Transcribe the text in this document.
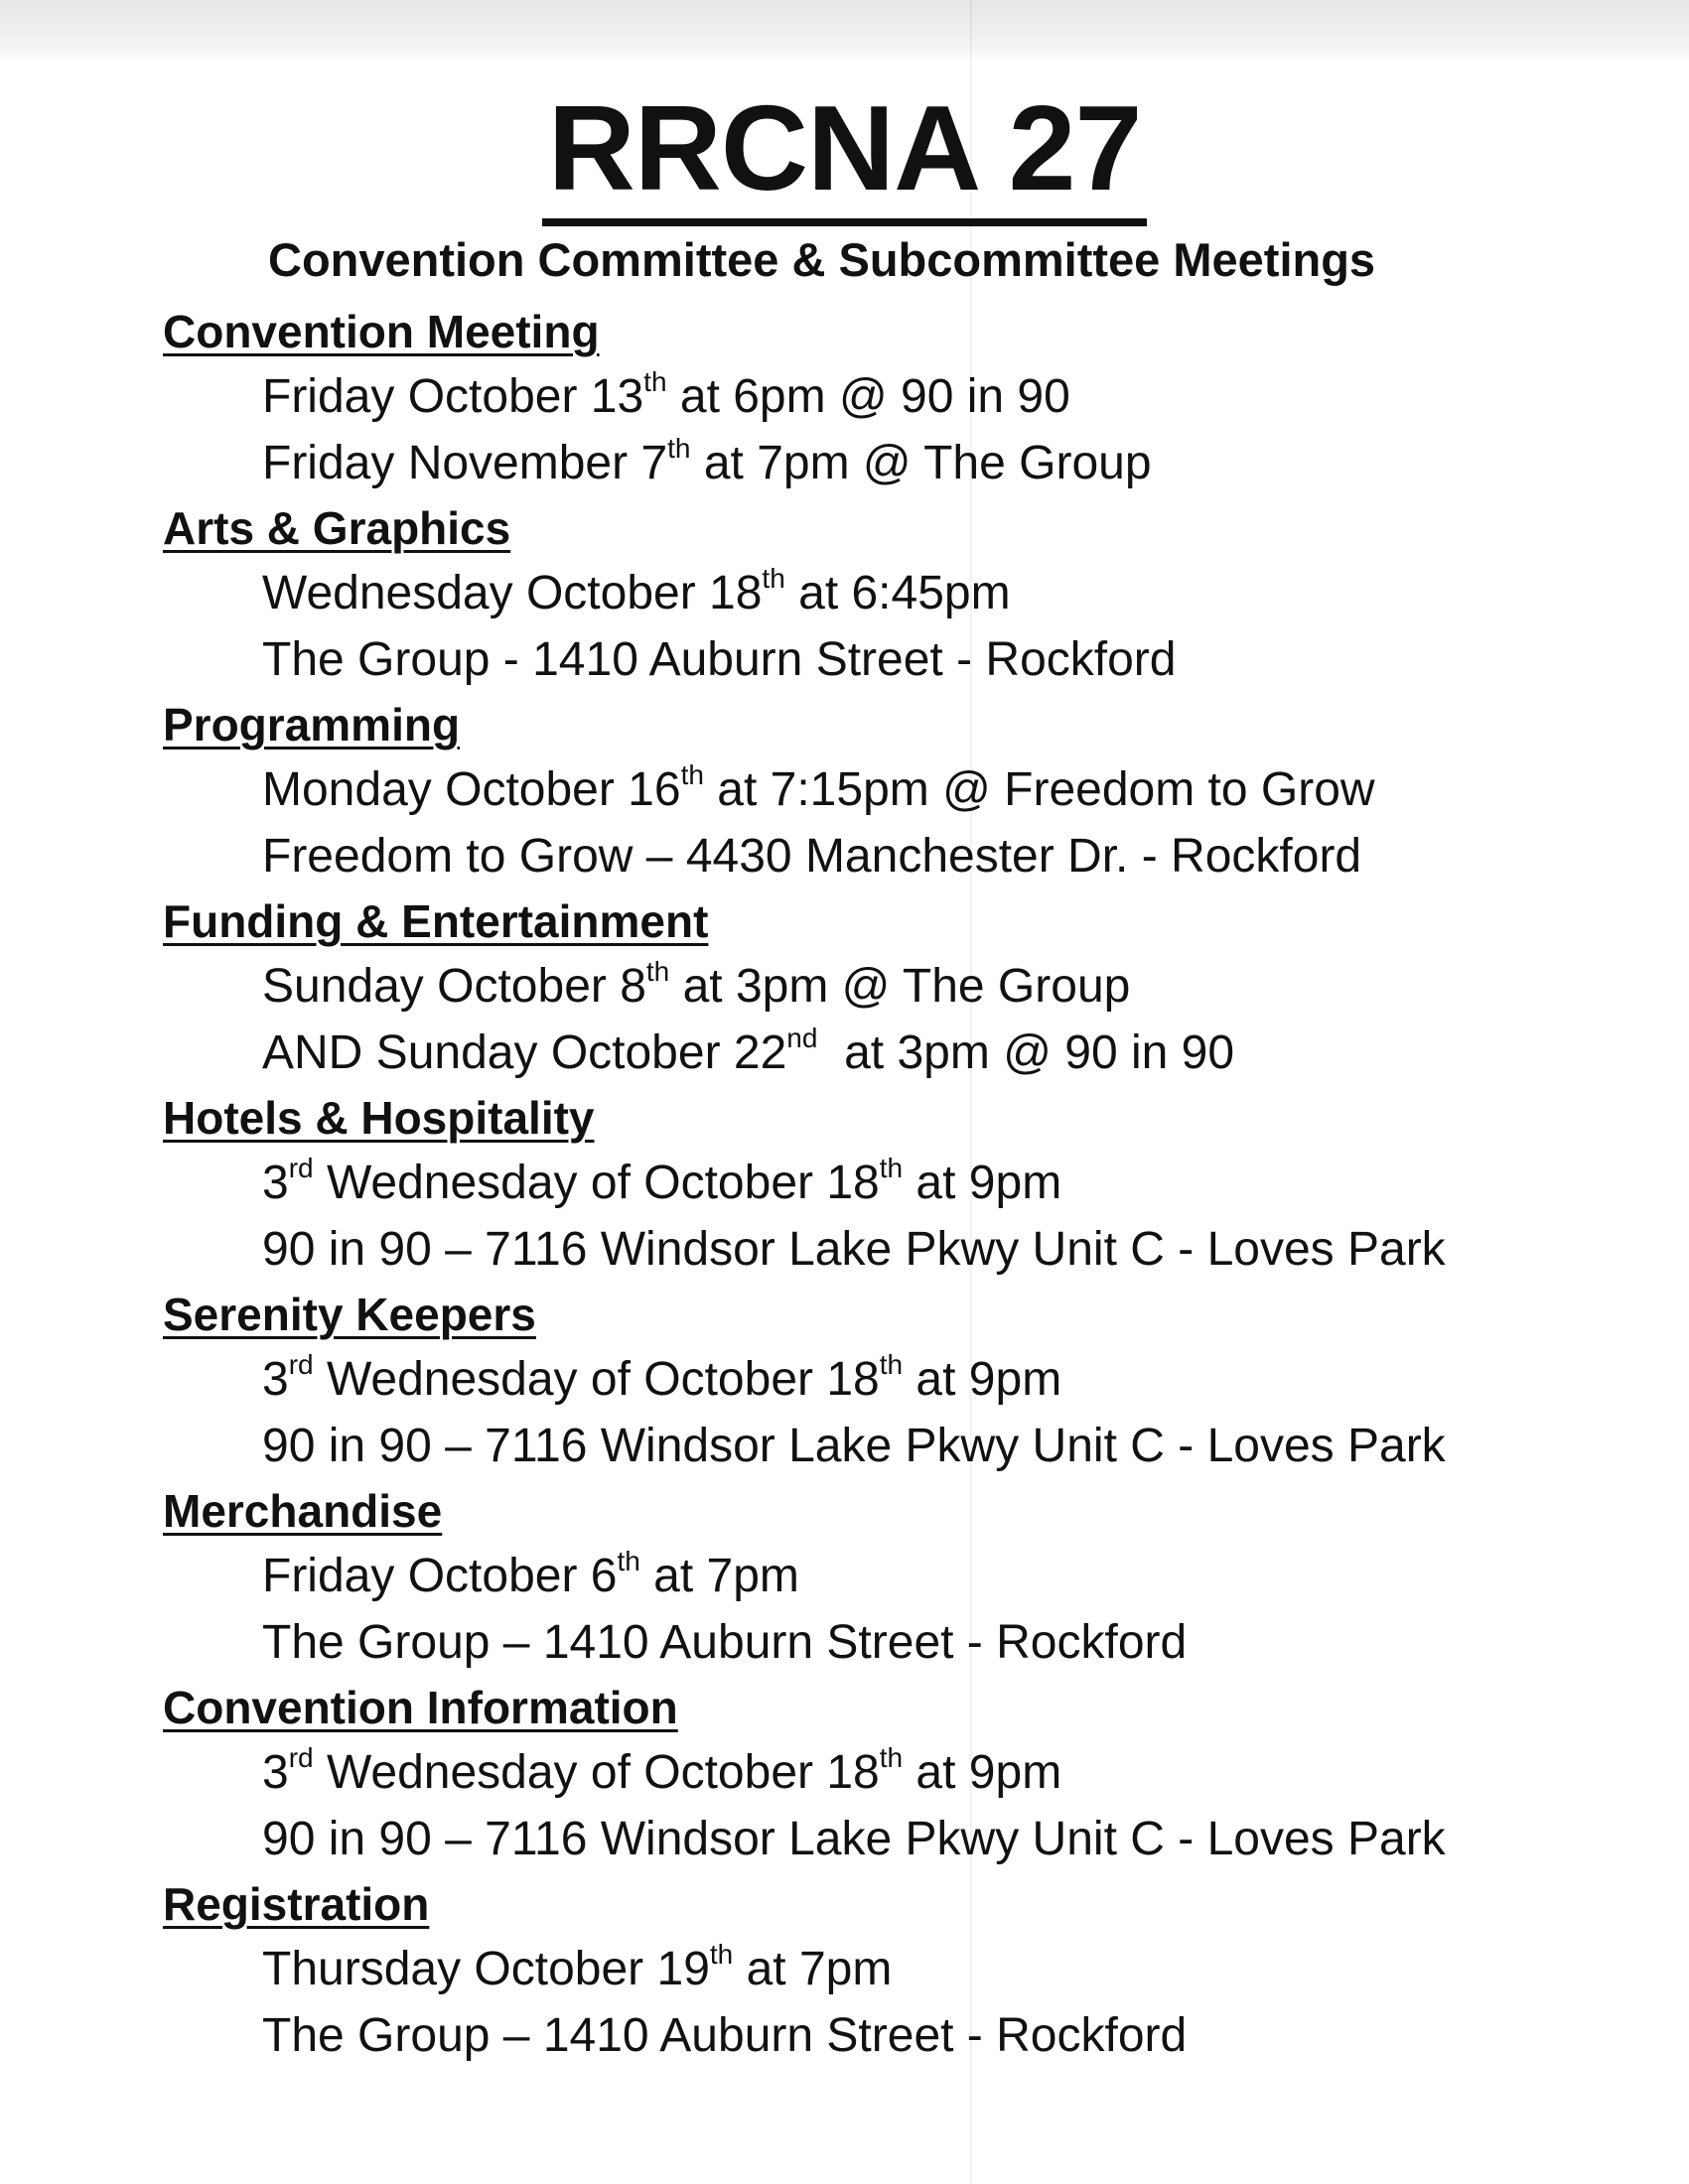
RRCNA 27
Convention Committee & Subcommittee Meetings
Convention Meeting

Friday October 13th at 6pm @ 90 in 90

Friday November 7th at 7pm @ The Group

Arts & Graphics

Wednesday October 18th at 6:45pm

The Group - 1410 Auburn Street - Rockford

Programming

Monday October 16th at 7:15pm @ Freedom to Grow

Freedom to Grow – 4430 Manchester Dr. - Rockford

Funding & Entertainment

Sunday October 8th at 3pm @ The Group

AND Sunday October 22nd  at 3pm @ 90 in 90

Hotels & Hospitality

3rd Wednesday of October 18th at 9pm

90 in 90 – 7116 Windsor Lake Pkwy Unit C - Loves Park

Serenity Keepers

3rd Wednesday of October 18th at 9pm

90 in 90 – 7116 Windsor Lake Pkwy Unit C - Loves Park

Merchandise

Friday October 6th at 7pm

The Group – 1410 Auburn Street - Rockford

Convention Information

3rd Wednesday of October 18th at 9pm

90 in 90 – 7116 Windsor Lake Pkwy Unit C - Loves Park

Registration

Thursday October 19th at 7pm

The Group – 1410 Auburn Street - Rockford
